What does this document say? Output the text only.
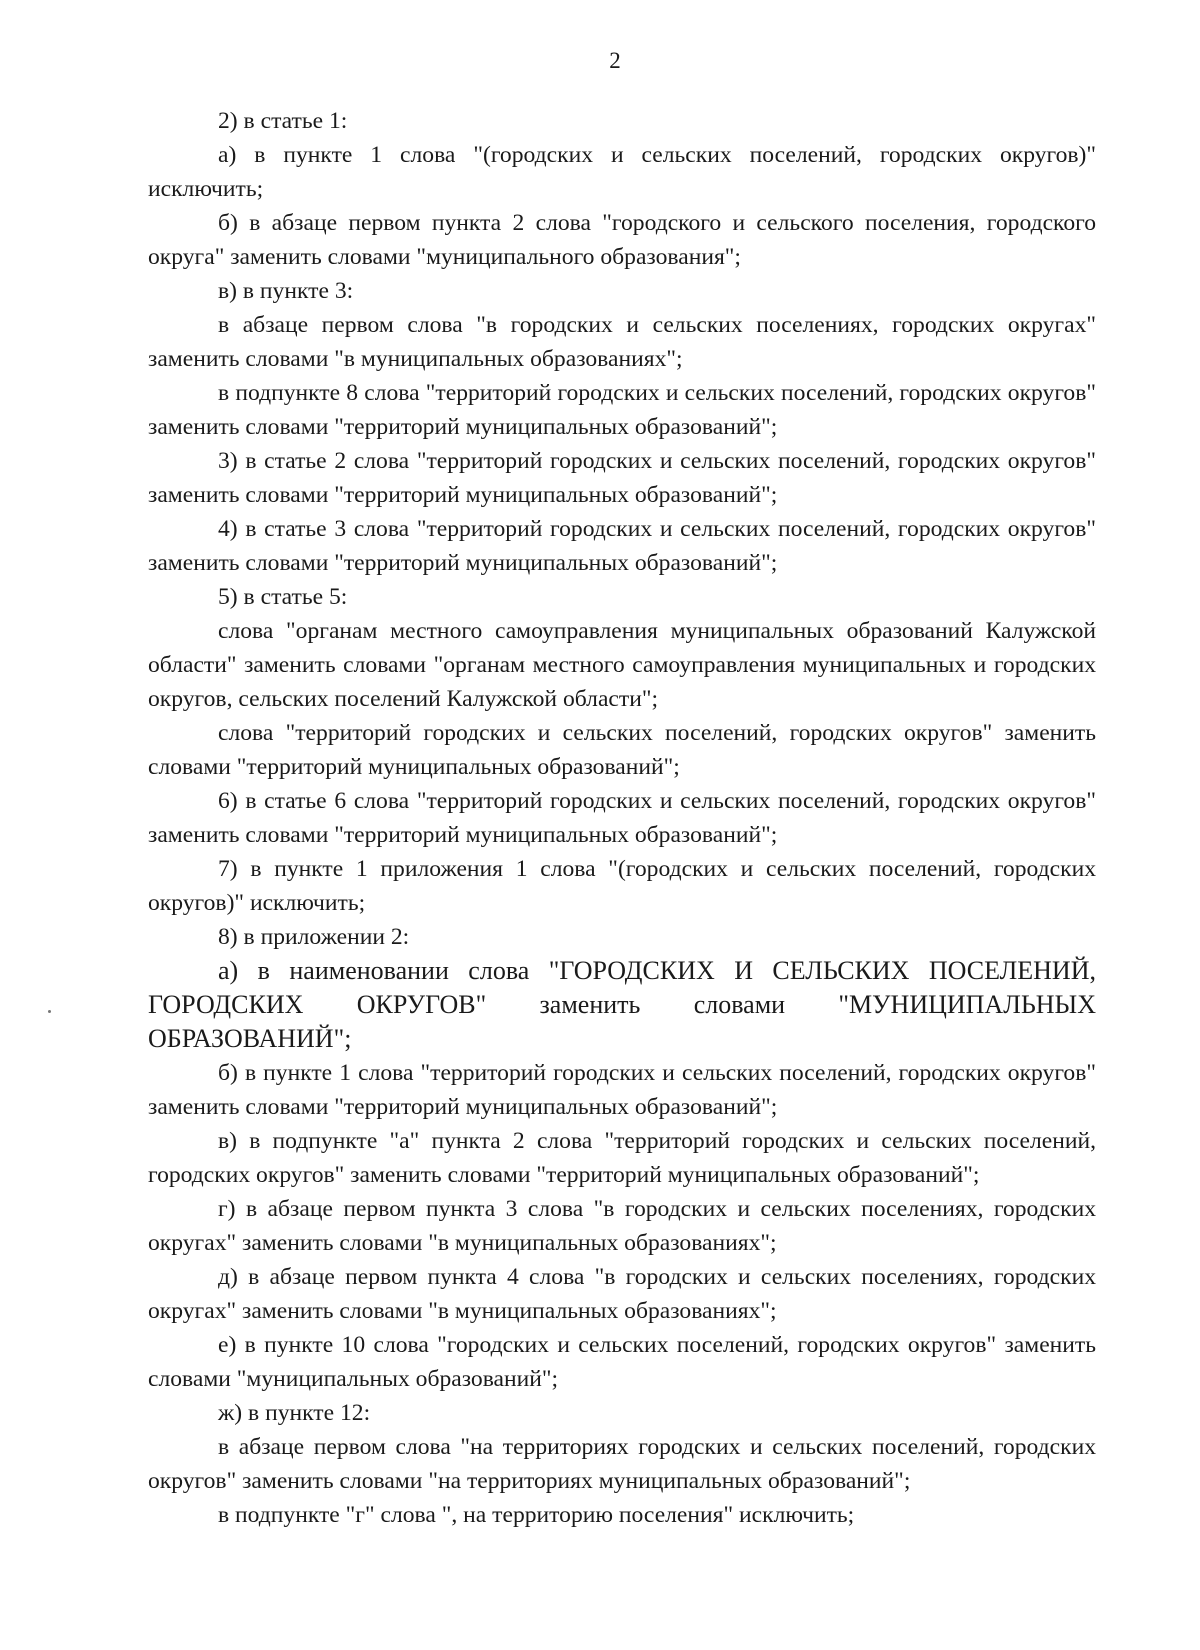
2

2) в статье 1:

а) в пункте 1 слова "(городских и сельских поселений, городских округов)" исключить;

б) в абзаце первом пункта 2 слова "городского и сельского поселения, городского округа" заменить словами "муниципального образования";

в) в пункте 3:

в абзаце первом слова "в городских и сельских поселениях, городских округах" заменить словами "в муниципальных образованиях";

в подпункте 8 слова "территорий городских и сельских поселений, городских округов" заменить словами "территорий муниципальных образований";

3) в статье 2 слова "территорий городских и сельских поселений, городских округов" заменить словами "территорий муниципальных образований";

4) в статье 3 слова "территорий городских и сельских поселений, городских округов" заменить словами "территорий муниципальных образований";

5) в статье 5:

слова "органам местного самоуправления муниципальных образований Калужской области" заменить словами "органам местного самоуправления муниципальных и городских округов, сельских поселений Калужской области";

слова "территорий городских и сельских поселений, городских округов" заменить словами "территорий муниципальных образований";

6) в статье 6 слова "территорий городских и сельских поселений, городских округов" заменить словами "территорий муниципальных образований";

7) в пункте 1 приложения 1 слова "(городских и сельских поселений, городских округов)" исключить;

8) в приложении 2:

а) в наименовании слова "ГОРОДСКИХ И СЕЛЬСКИХ ПОСЕЛЕНИЙ, ГОРОДСКИХ ОКРУГОВ" заменить словами "МУНИЦИПАЛЬНЫХ ОБРАЗОВАНИЙ";

б) в пункте 1 слова "территорий городских и сельских поселений, городских округов" заменить словами "территорий муниципальных образований";

в) в подпункте "а" пункта 2 слова "территорий городских и сельских поселений, городских округов" заменить словами "территорий муниципальных образований";

г) в абзаце первом пункта 3 слова "в городских и сельских поселениях, городских округах" заменить словами "в муниципальных образованиях";

д) в абзаце первом пункта 4 слова "в городских и сельских поселениях, городских округах" заменить словами "в муниципальных образованиях";

е) в пункте 10 слова "городских и сельских поселений, городских округов" заменить словами "муниципальных образований";

ж) в пункте 12:

в абзаце первом слова "на территориях городских и сельских поселений, городских округов" заменить словами "на территориях муниципальных образований";

в подпункте "г" слова ", на территорию поселения" исключить;
